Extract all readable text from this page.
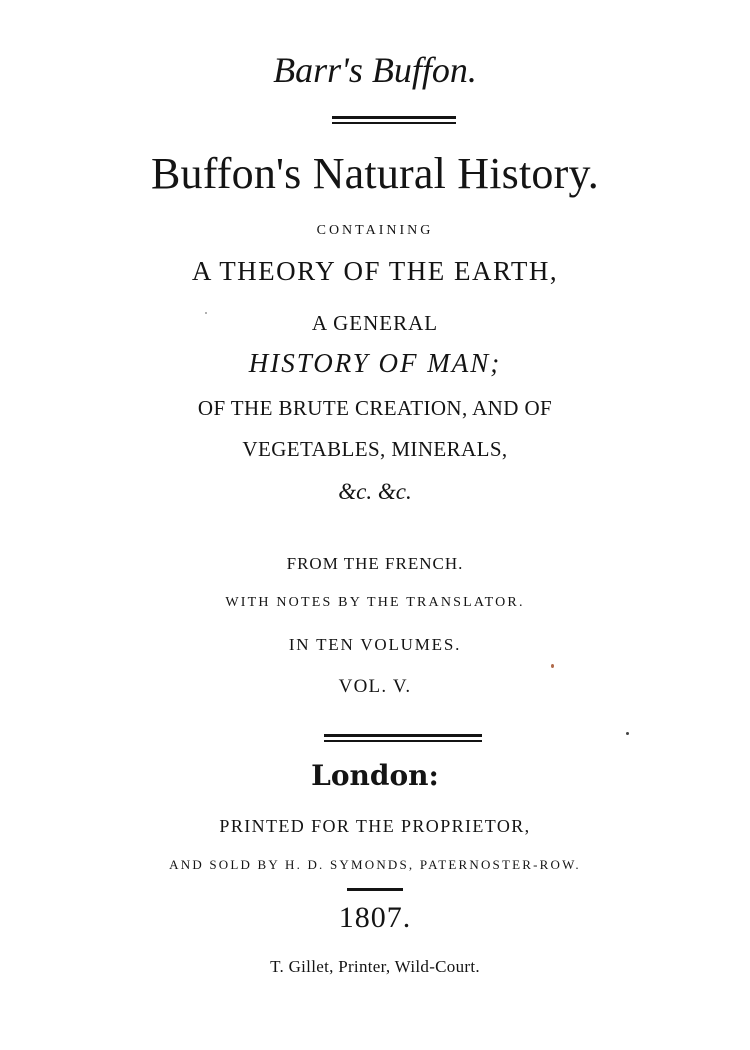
Barr's Buffon.
Buffon's Natural History.
CONTAINING
A THEORY OF THE EARTH,
A GENERAL
HISTORY OF MAN;
OF THE BRUTE CREATION, AND OF
VEGETABLES, MINERALS,
&c. &c.
FROM THE FRENCH.
WITH NOTES BY THE TRANSLATOR.
IN TEN VOLUMES.
VOL. V.
London:
PRINTED FOR THE PROPRIETOR,
AND SOLD BY H. D. SYMONDS, PATERNOSTER-ROW.
1807.
T. Gillet, Printer, Wild-Court.
